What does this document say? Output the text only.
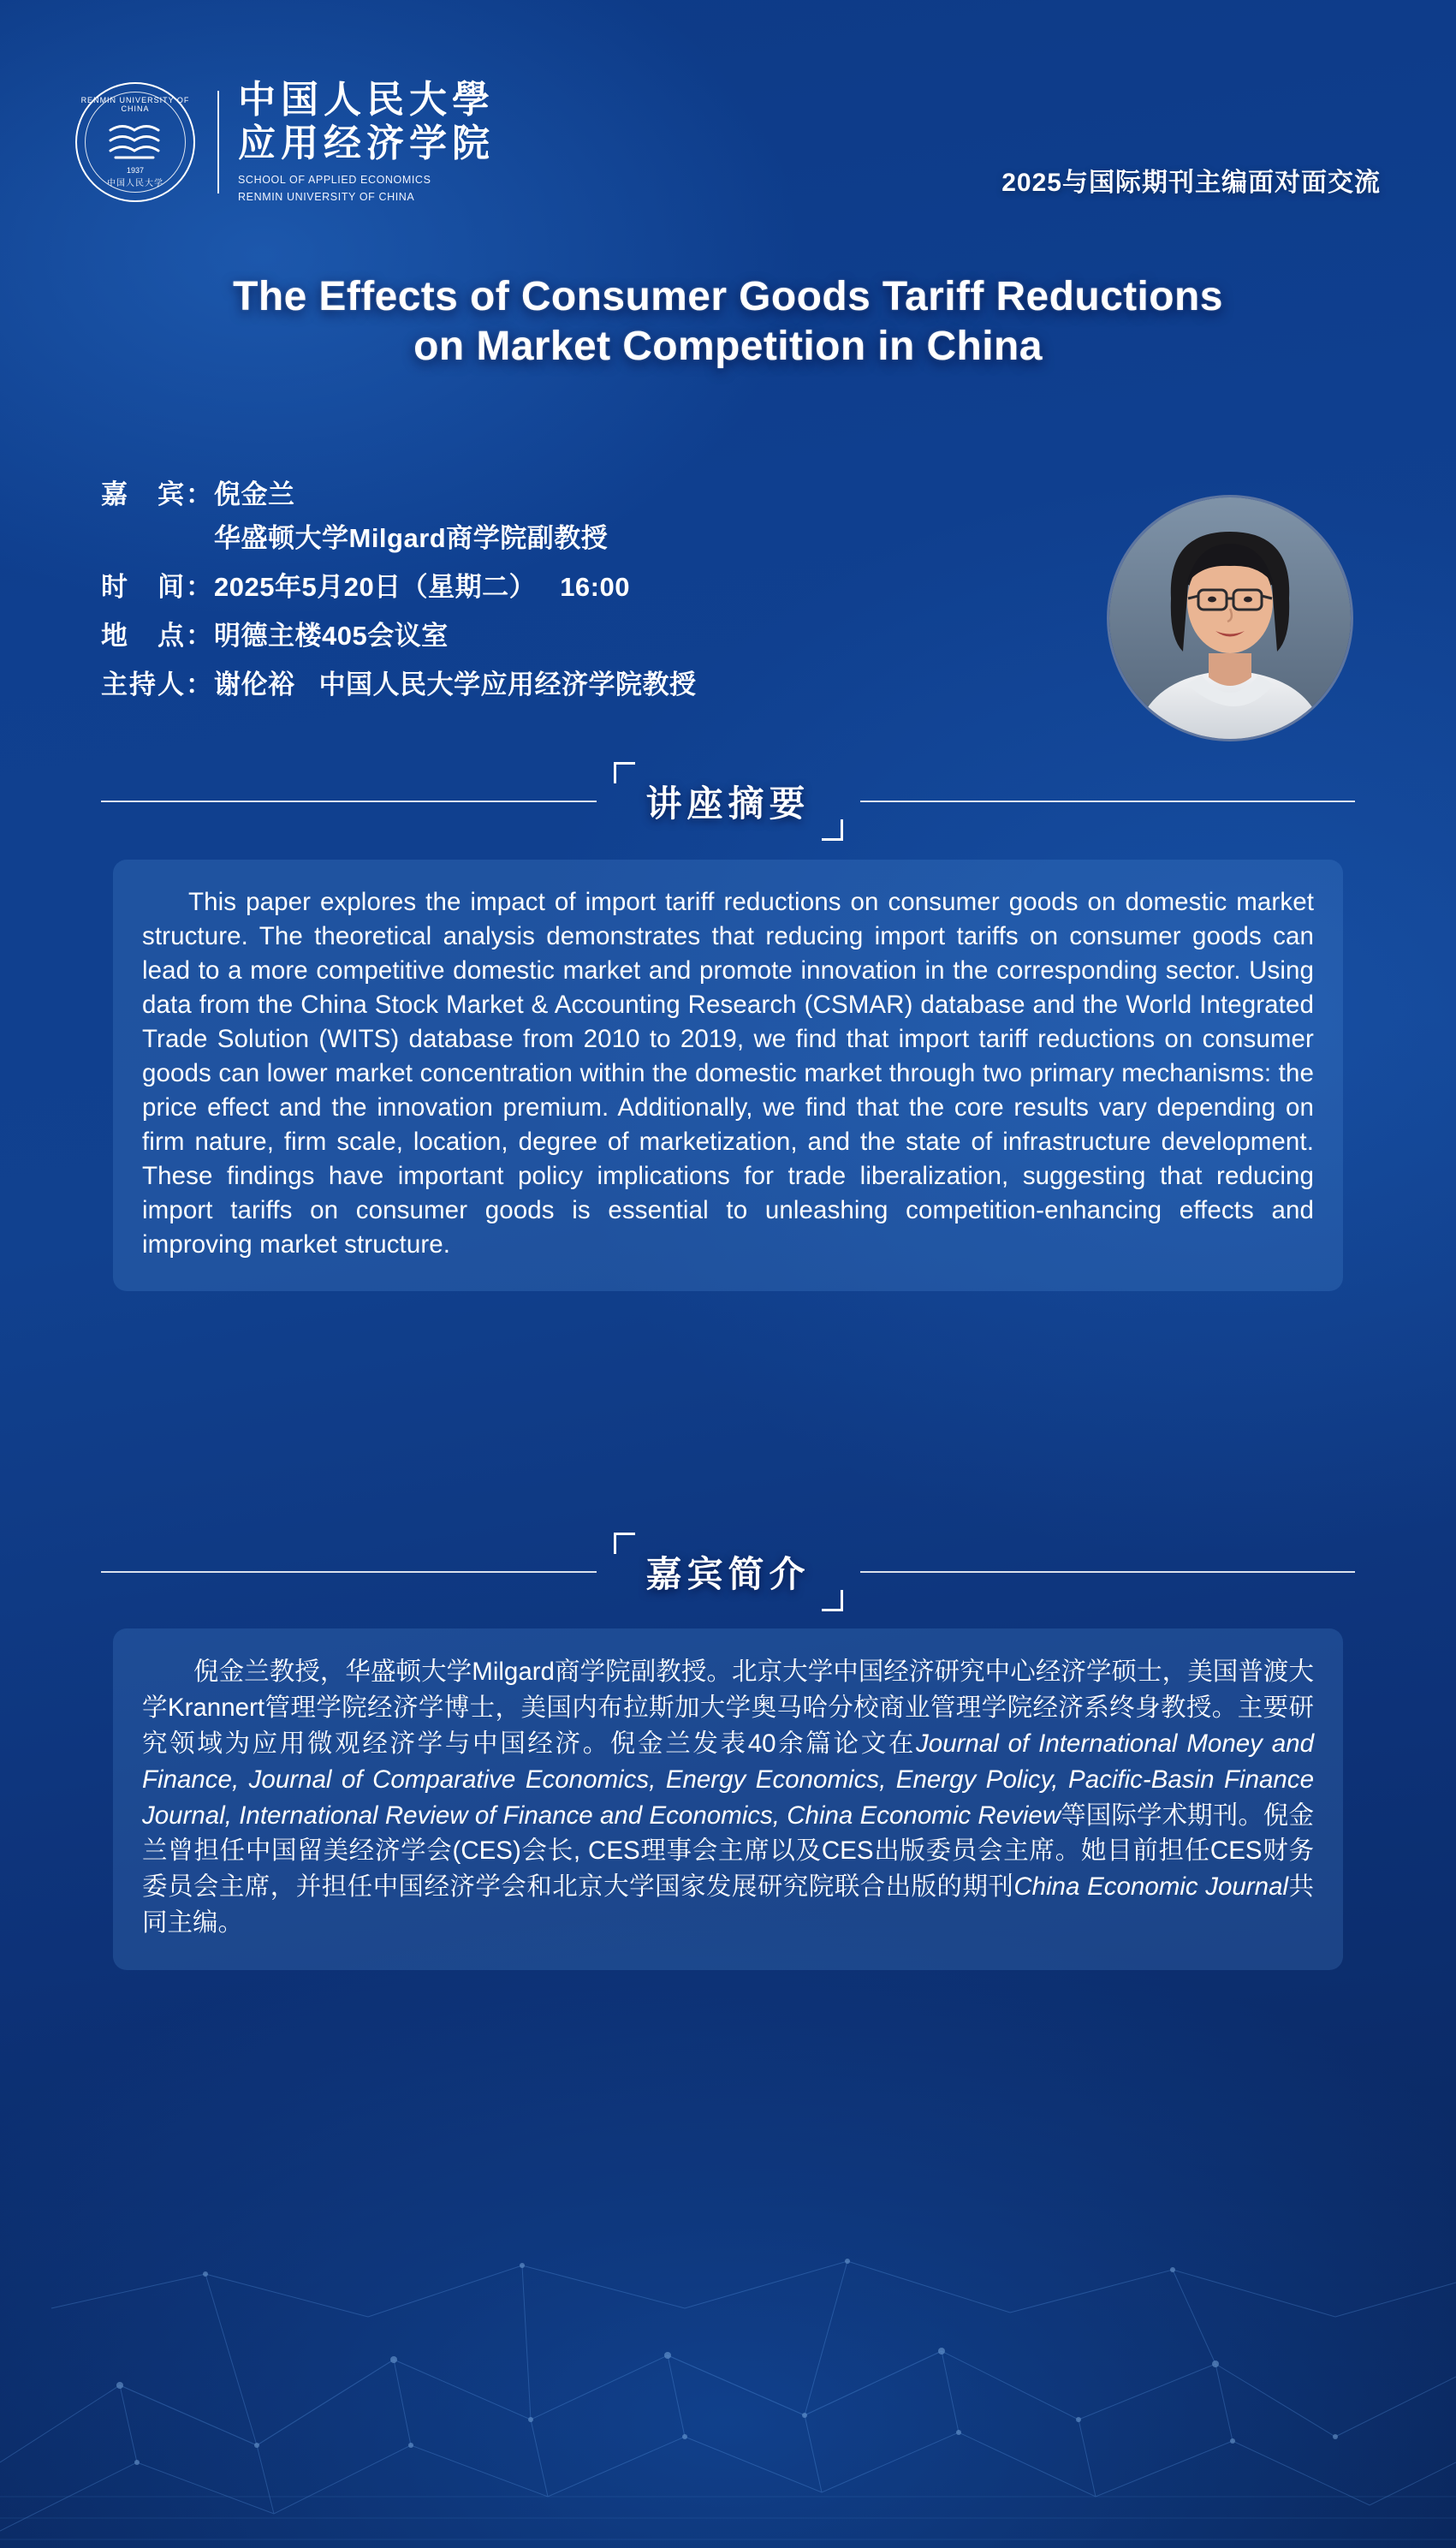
RENMIN UNIVERSITY OF CHINA
1937
中国人民大学
中国人民大學
应用经济学院
SCHOOL OF APPLIED ECONOMICS
RENMIN UNIVERSITY OF CHINA
2025与国际期刊主编面对面交流
The Effects of Consumer Goods Tariff Reductions
on Market Competition in China
嘉　宾： 倪金兰
华盛顿大学Milgard商学院副教授
时　间： 2025年5月20日（星期二） 16:00
地　点： 明德主楼405会议室
主持人： 谢伦裕 中国人民大学应用经济学院教授
讲座摘要

This paper explores the impact of import tariff reductions on consumer goods on domestic market structure. The theoretical analysis demonstrates that reducing import tariffs on consumer goods can lead to a more competitive domestic market and promote innovation in the corresponding sector. Using data from the China Stock Market & Accounting Research (CSMAR) database and the World Integrated Trade Solution (WITS) database from 2010 to 2019, we find that import tariff reductions on consumer goods can lower market concentration within the domestic market through two primary mechanisms: the price effect and the innovation premium. Additionally, we find that the core results vary depending on firm nature, firm scale, location, degree of marketization, and the state of infrastructure development. These findings have important policy implications for trade liberalization, suggesting that reducing import tariffs on consumer goods is essential to unleashing competition-enhancing effects and improving market structure.

嘉宾简介

倪金兰教授，华盛顿大学Milgard商学院副教授。北京大学中国经济研究中心经济学硕士，美国普渡大学Krannert管理学院经济学博士，美国内布拉斯加大学奥马哈分校商业管理学院经济系终身教授。主要研究领域为应用微观经济学与中国经济。倪金兰发表40余篇论文在Journal of International Money and Finance, Journal of Comparative Economics, Energy Economics, Energy Policy, Pacific-Basin Finance Journal, International Review of Finance and Economics, China Economic Review等国际学术期刊。倪金兰曾担任中国留美经济学会(CES)会长, CES理事会主席以及CES出版委员会主席。她目前担任CES财务委员会主席，并担任中国经济学会和北京大学国家发展研究院联合出版的期刊China Economic Journal共同主编。
